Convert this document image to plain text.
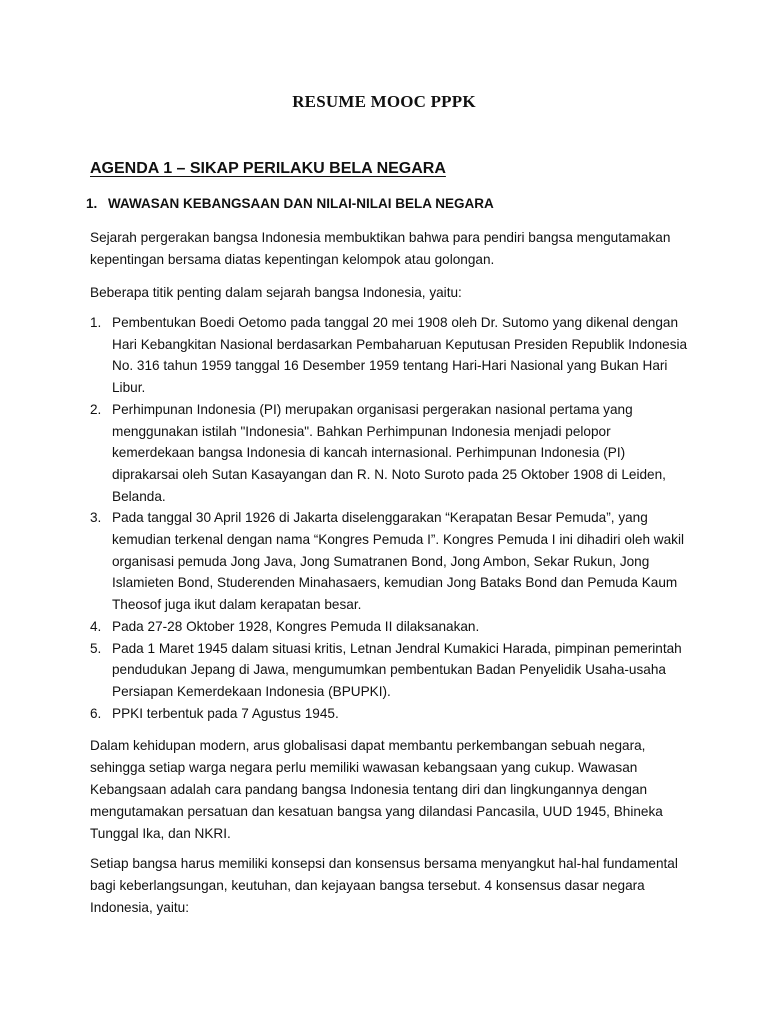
RESUME MOOC PPPK
AGENDA 1 – SIKAP PERILAKU BELA NEGARA
1. WAWASAN KEBANGSAAN DAN NILAI-NILAI BELA NEGARA
Sejarah pergerakan bangsa Indonesia membuktikan bahwa para pendiri bangsa mengutamakan kepentingan bersama diatas kepentingan kelompok atau golongan.
Beberapa titik penting dalam sejarah bangsa Indonesia, yaitu:
1. Pembentukan Boedi Oetomo pada tanggal 20 mei 1908 oleh Dr. Sutomo yang dikenal dengan Hari Kebangkitan Nasional berdasarkan Pembaharuan Keputusan Presiden Republik Indonesia No. 316 tahun 1959 tanggal 16 Desember 1959 tentang Hari-Hari Nasional yang Bukan Hari Libur.
2. Perhimpunan Indonesia (PI) merupakan organisasi pergerakan nasional pertama yang menggunakan istilah "Indonesia". Bahkan Perhimpunan Indonesia menjadi pelopor kemerdekaan bangsa Indonesia di kancah internasional. Perhimpunan Indonesia (PI) diprakarsai oleh Sutan Kasayangan dan R. N. Noto Suroto pada 25 Oktober 1908 di Leiden, Belanda.
3. Pada tanggal 30 April 1926 di Jakarta diselenggarakan “Kerapatan Besar Pemuda”, yang kemudian terkenal dengan nama “Kongres Pemuda I”. Kongres Pemuda I ini dihadiri oleh wakil organisasi pemuda Jong Java, Jong Sumatranen Bond, Jong Ambon, Sekar Rukun, Jong Islamieten Bond, Studerenden Minahasaers, kemudian Jong Bataks Bond dan Pemuda Kaum Theosof juga ikut dalam kerapatan besar.
4. Pada 27-28 Oktober 1928, Kongres Pemuda II dilaksanakan.
5. Pada 1 Maret 1945 dalam situasi kritis, Letnan Jendral Kumakici Harada, pimpinan pemerintah pendudukan Jepang di Jawa, mengumumkan pembentukan Badan Penyelidik Usaha-usaha Persiapan Kemerdekaan Indonesia (BPUPKI).
6. PPKI terbentuk pada 7 Agustus 1945.
Dalam kehidupan modern, arus globalisasi dapat membantu perkembangan sebuah negara, sehingga setiap warga negara perlu memiliki wawasan kebangsaan yang cukup. Wawasan Kebangsaan adalah cara pandang bangsa Indonesia tentang diri dan lingkungannya dengan mengutamakan persatuan dan kesatuan bangsa yang dilandasi Pancasila, UUD 1945, Bhineka Tunggal Ika, dan NKRI.
Setiap bangsa harus memiliki konsepsi dan konsensus bersama menyangkut hal-hal fundamental bagi keberlangsungan, keutuhan, dan kejayaan bangsa tersebut. 4 konsensus dasar negara Indonesia, yaitu:
